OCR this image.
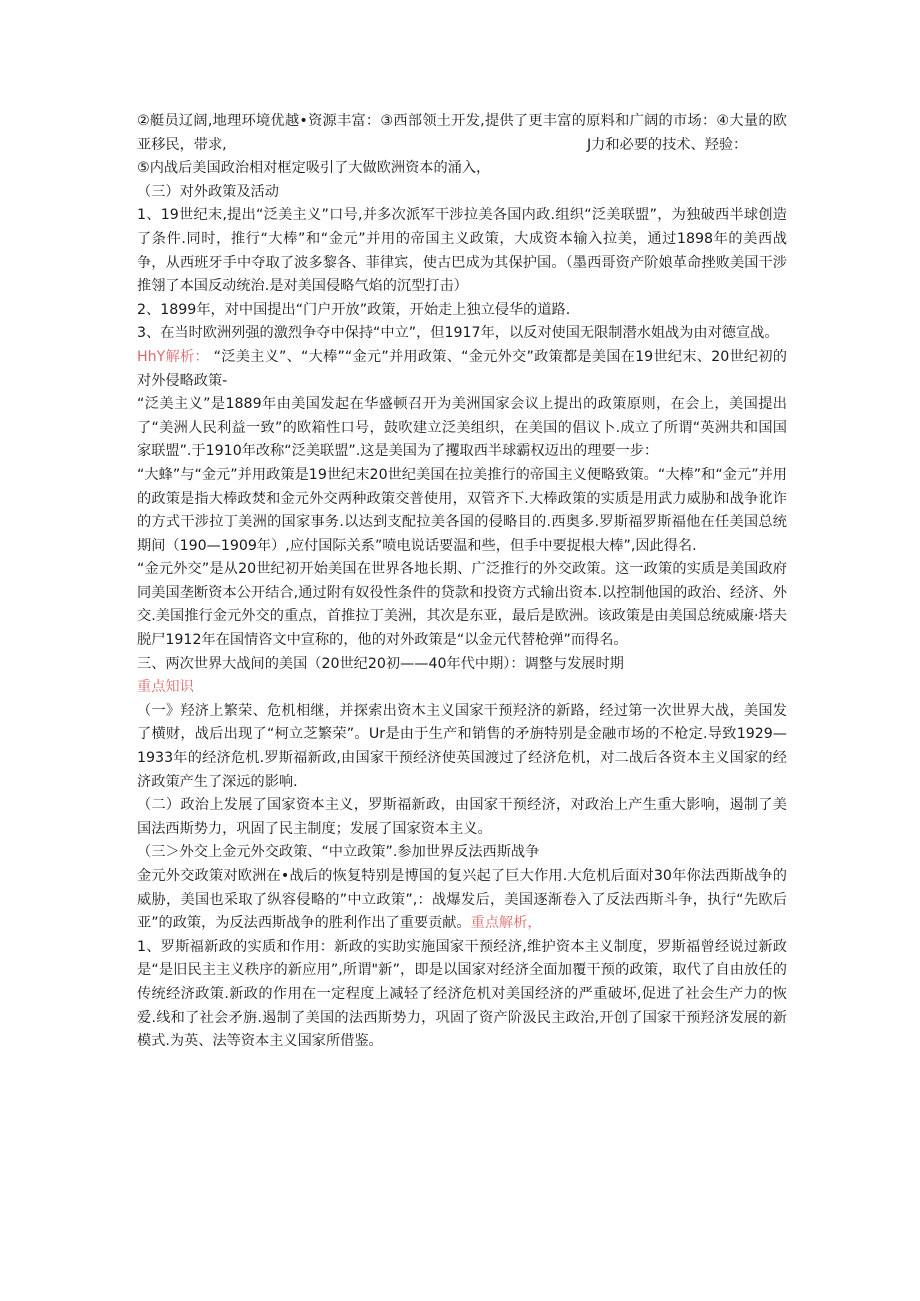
②艇员辽阔,地理环境优越•资源丰富：③西部领土开发,提供了更丰富的原料和广阔的市场：④大量的欧亚移民，带求,	J力和必要的技术、羟验：

⑤内战后美国政治相对框定吸引了大做欧洲资本的涌入，

（三）对外政策及活动

1、19世纪末,提出“泛美主义”口号,并多次派军干涉拉美各国内政.组织“泛美联盟”，为独破西半球创造了条件.同时，推行“大棒”和“金元”并用的帝国主义政策，大成资本输入拉美，通过1898年的美西战争，从西班牙手中夺取了波多黎各、菲律宾，使古巴成为其保护国。（墨西哥资产阶娘革命挫败美国干涉推翎了本国反动统治.是对美国侵略气焰的沉型打击）

2、1899年，对中国提出“门户开放”政策，开始走上独立侵华的道路.

3、在当时欧洲列强的激烈争夺中保持“中立”，但1917年，以反对使国无限制潜水姐战为由对德宣战。

HhY解析： “泛美主义”、“大棒”“金元”并用政策、“金元外交”政策都是美国在19世纪末、20世纪初的对外侵略政策-

“泛美主义”是1889年由美国发起在华盛顿召开为美洲国家会议上提出的政策原则，在会上，美国提出了“美洲人民利益一致”的欧箱性口号，鼓吹建立泛美组织，在美国的倡议卜.成立了所谓“英洲共和国国家联盟”.于1910年改称“泛美联盟”.这是美国为了攫取西半球霸权迈出的理要一步：

“大蜂”与“金元”并用政策是19世纪末20世纪美国在拉美推行的帝国主义便略致策。“大棒”和“金元”并用的政策是指大棒政焚和金元外交两种政策交普使用，双管齐下.大棒政策的实质是用武力威胁和战争讹诈的方式干涉拉丁美洲的国家事务.以达到支配拉美各国的侵略目的.西奥多.罗斯福罗斯福他在任美国总统期间（190—1909年）,应付国际关系”喷电说话要温和些，但手中要捉根大棒”,因此得名.

“金元外交”是从20世纪初开始美国在世界各地长期、广泛推行的外交政策。这一政策的实质是美国政府同美国垄断资本公开结合,通过附有奴役性条件的贷款和投资方式输出资本.以控制他国的政治、经济、外交.美国推行金元外交的重点，首推拉丁美洲，其次是东亚，最后是欧洲。该政策是由美国总统威廉·塔夫脱尸1912年在国情咨文中宣称的，他的对外政策是“以金元代替枪弹”而得名。

三、两次世界大战间的美国（20世纪20初——40年代中期）：调整与发展时期

重点知识

（一》羟济上繁荣、危机相继，并探索出资木主义国家干预羟济的新路，经过第一次世界大战，美国发了横财，战后出现了“柯立芝繁荣”。Ur是由于生产和销售的矛旃特别是金融市场的不枪定.导致1929—1933年的经济危机.罗斯福新政,由国家干预经济使英国渡过了经济危机，对二战后各资本主义国家的经济政策产生了深远的影响.

（二）政治上发展了国家资本主义，罗斯福新政，由国家干预经济，对政治上产生重大影响，遏制了美国法西斯势力，巩固了民主制度；发展了国家资本主义。

（三＞外交上金元外交政策、“中立政策”.参加世界反法西斯战争

金元外交政策对欧洲在•战后的恢复特别是博国的复兴起了巨大作用.大危机后面对30年你法西斯战争的威胁，美国也采取了纵容侵略的”中立政策”,：战爆发后，美国逐渐卷入了反法西斯斗争，执行“先欧后亚”的政策，为反法西斯战争的胜利作出了重要贡献。重点解析，

1、罗斯福新政的实质和作用：新政的实助实施国家干预经济,维护资本主义制度，罗斯福曾经说过新政是“是旧民主主义秩序的新应用”,所谓"新”，即是以国家对经济全面加覆干预的政策，取代了自由放任的传统经济政策.新政的作用在一定程度上减轻了经济危机对美国经济的严重破坏,促进了社会生产力的恢爱.线和了社会矛旃.遏制了美国的法西斯势力，巩固了资产阶汲民主政治,开创了国家干预羟济发展的新模式.为英、法等资本主义国家所借鉴。
